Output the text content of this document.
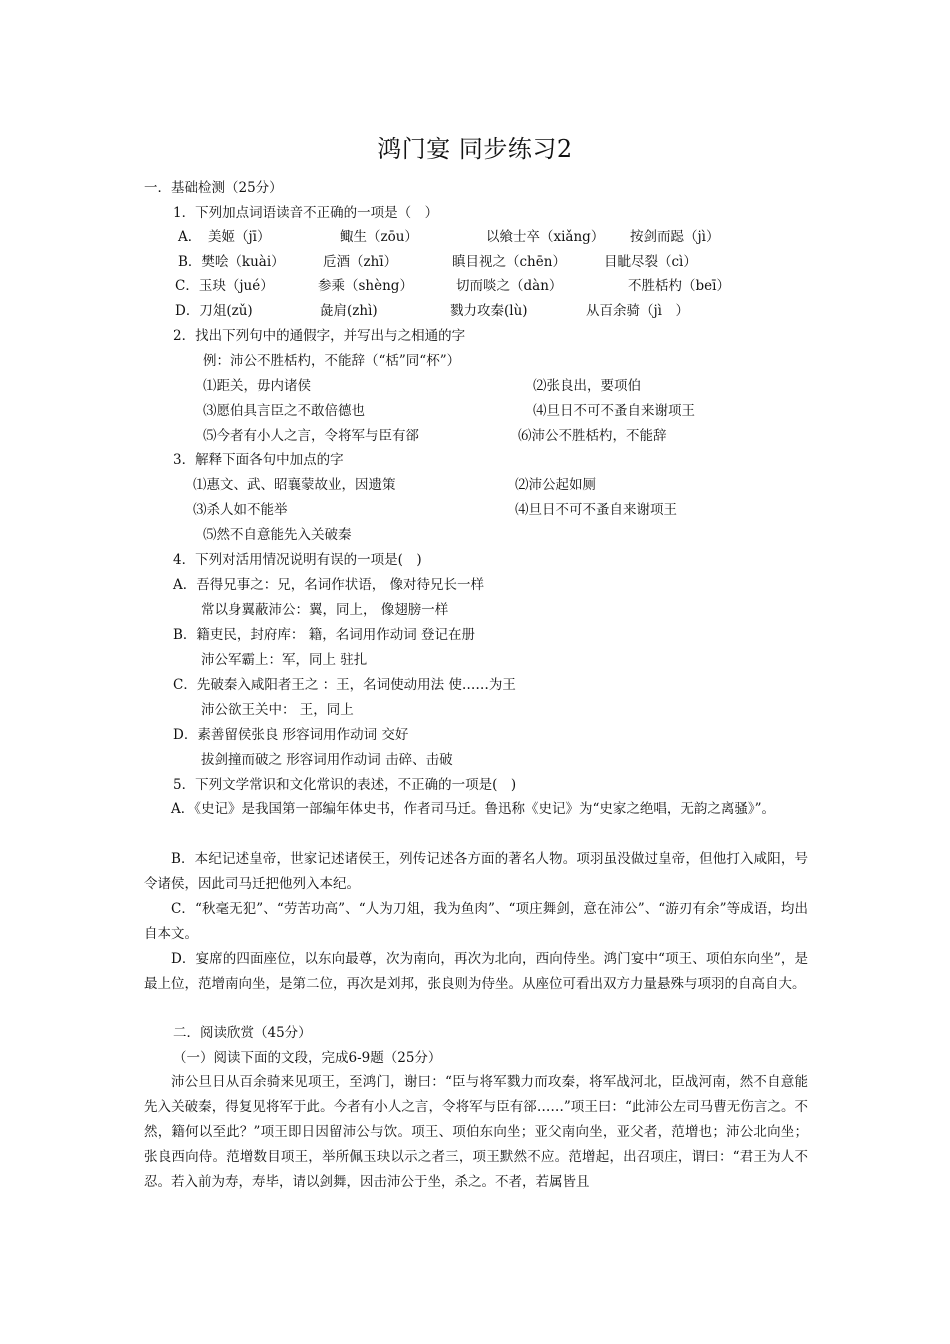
鸿门宴 同步练习2
一．基础检测（25分）
1．下列加点词语读音不正确的一项是（　）
A．　美姬（jī）	鲰生（zōu）	以飨士卒（xiǎng） 按剑而跽（jì）
B．樊哙（kuài）	卮酒（zhī）	瞋目视之（chēn）	目眦尽裂（cì）
C．玉玦（jué）	参乘（shèng）	切而啖之（dàn）	不胜栝杓（beī）
D．刀俎(zǔ)	彘肩(zhì)	戮力攻秦(lù)	从百余骑（jì　）
2．找出下列句中的通假字，并写出与之相通的字
例：沛公不胜栝杓，不能辞（“栝”同“杯”）
⑴距关，毋内诸侯	⑵张良出，要项伯
⑶愿伯具言臣之不敢倍德也	⑷旦日不可不蚤自来谢项王
⑸今者有小人之言，令将军与臣有郤	⑹沛公不胜栝杓，不能辞
3．解释下面各句中加点的字
⑴惠文、武、昭襄蒙故业，因遗策	⑵沛公起如厕
⑶杀人如不能举	⑷旦日不可不蚤自来谢项王
⑸然不自意能先入关破秦
4．下列对活用情况说明有误的一项是(　)
A．吾得兄事之：兄，名词作状语， 像对待兄长一样
常以身翼蔽沛公：翼，同上， 像翅膀一样
B．籍吏民，封府库： 籍，名词用作动词 登记在册
沛公军霸上：军，同上 驻扎
C．先破秦入咸阳者王之 ：王，名词使动用法 使……为王
沛公欲王关中： 王，同上
D．素善留侯张良 形容词用作动词 交好
拔剑撞而破之 形容词用作动词 击碎、击破
5．下列文学常识和文化常识的表述，不正确的一项是(　)
A．《史记》是我国第一部编年体史书，作者司马迁。鲁迅称《史记》为“史家之绝唱，无韵之离骚》”。
B．本纪记述皇帝，世家记述诸侯王，列传记述各方面的著名人物。项羽虽没做过皇帝，但他打入咸阳，号令诸侯，因此司马迁把他列入本纪。
C．“秋毫无犯”、“劳苦功高”、“人为刀俎，我为鱼肉”、“项庄舞剑，意在沛公”、“游刃有余”等成语，均出自本文。
D．宴席的四面座位，以东向最尊，次为南向，再次为北向，西向侍坐。鸿门宴中“项王、项伯东向坐”，是最上位，范增南向坐，是第二位，再次是刘邦，张良则为侍坐。从座位可看出双方力量悬殊与项羽的自高自大。
二．阅读欣赏（45分）
（一）阅读下面的文段，完成6-9题（25分）
沛公旦日从百余骑来见项王，至鸿门，谢曰：“臣与将军戮力而攻秦，将军战河北，臣战河南，然不自意能先入关破秦，得复见将军于此。今者有小人之言，令将军与臣有郤……”项王曰：“此沛公左司马曹无伤言之。不然，籍何以至此？”项王即日因留沛公与饮。项王、项伯东向坐；亚父南向坐，亚父者，范增也；沛公北向坐；张良西向侍。范增数目项王，举所佩玉玦以示之者三，项王默然不应。范增起，出召项庄，谓曰：“君王为人不忍。若入前为寿，寿毕，请以剑舞，因击沛公于坐，杀之。不者，若属皆且
